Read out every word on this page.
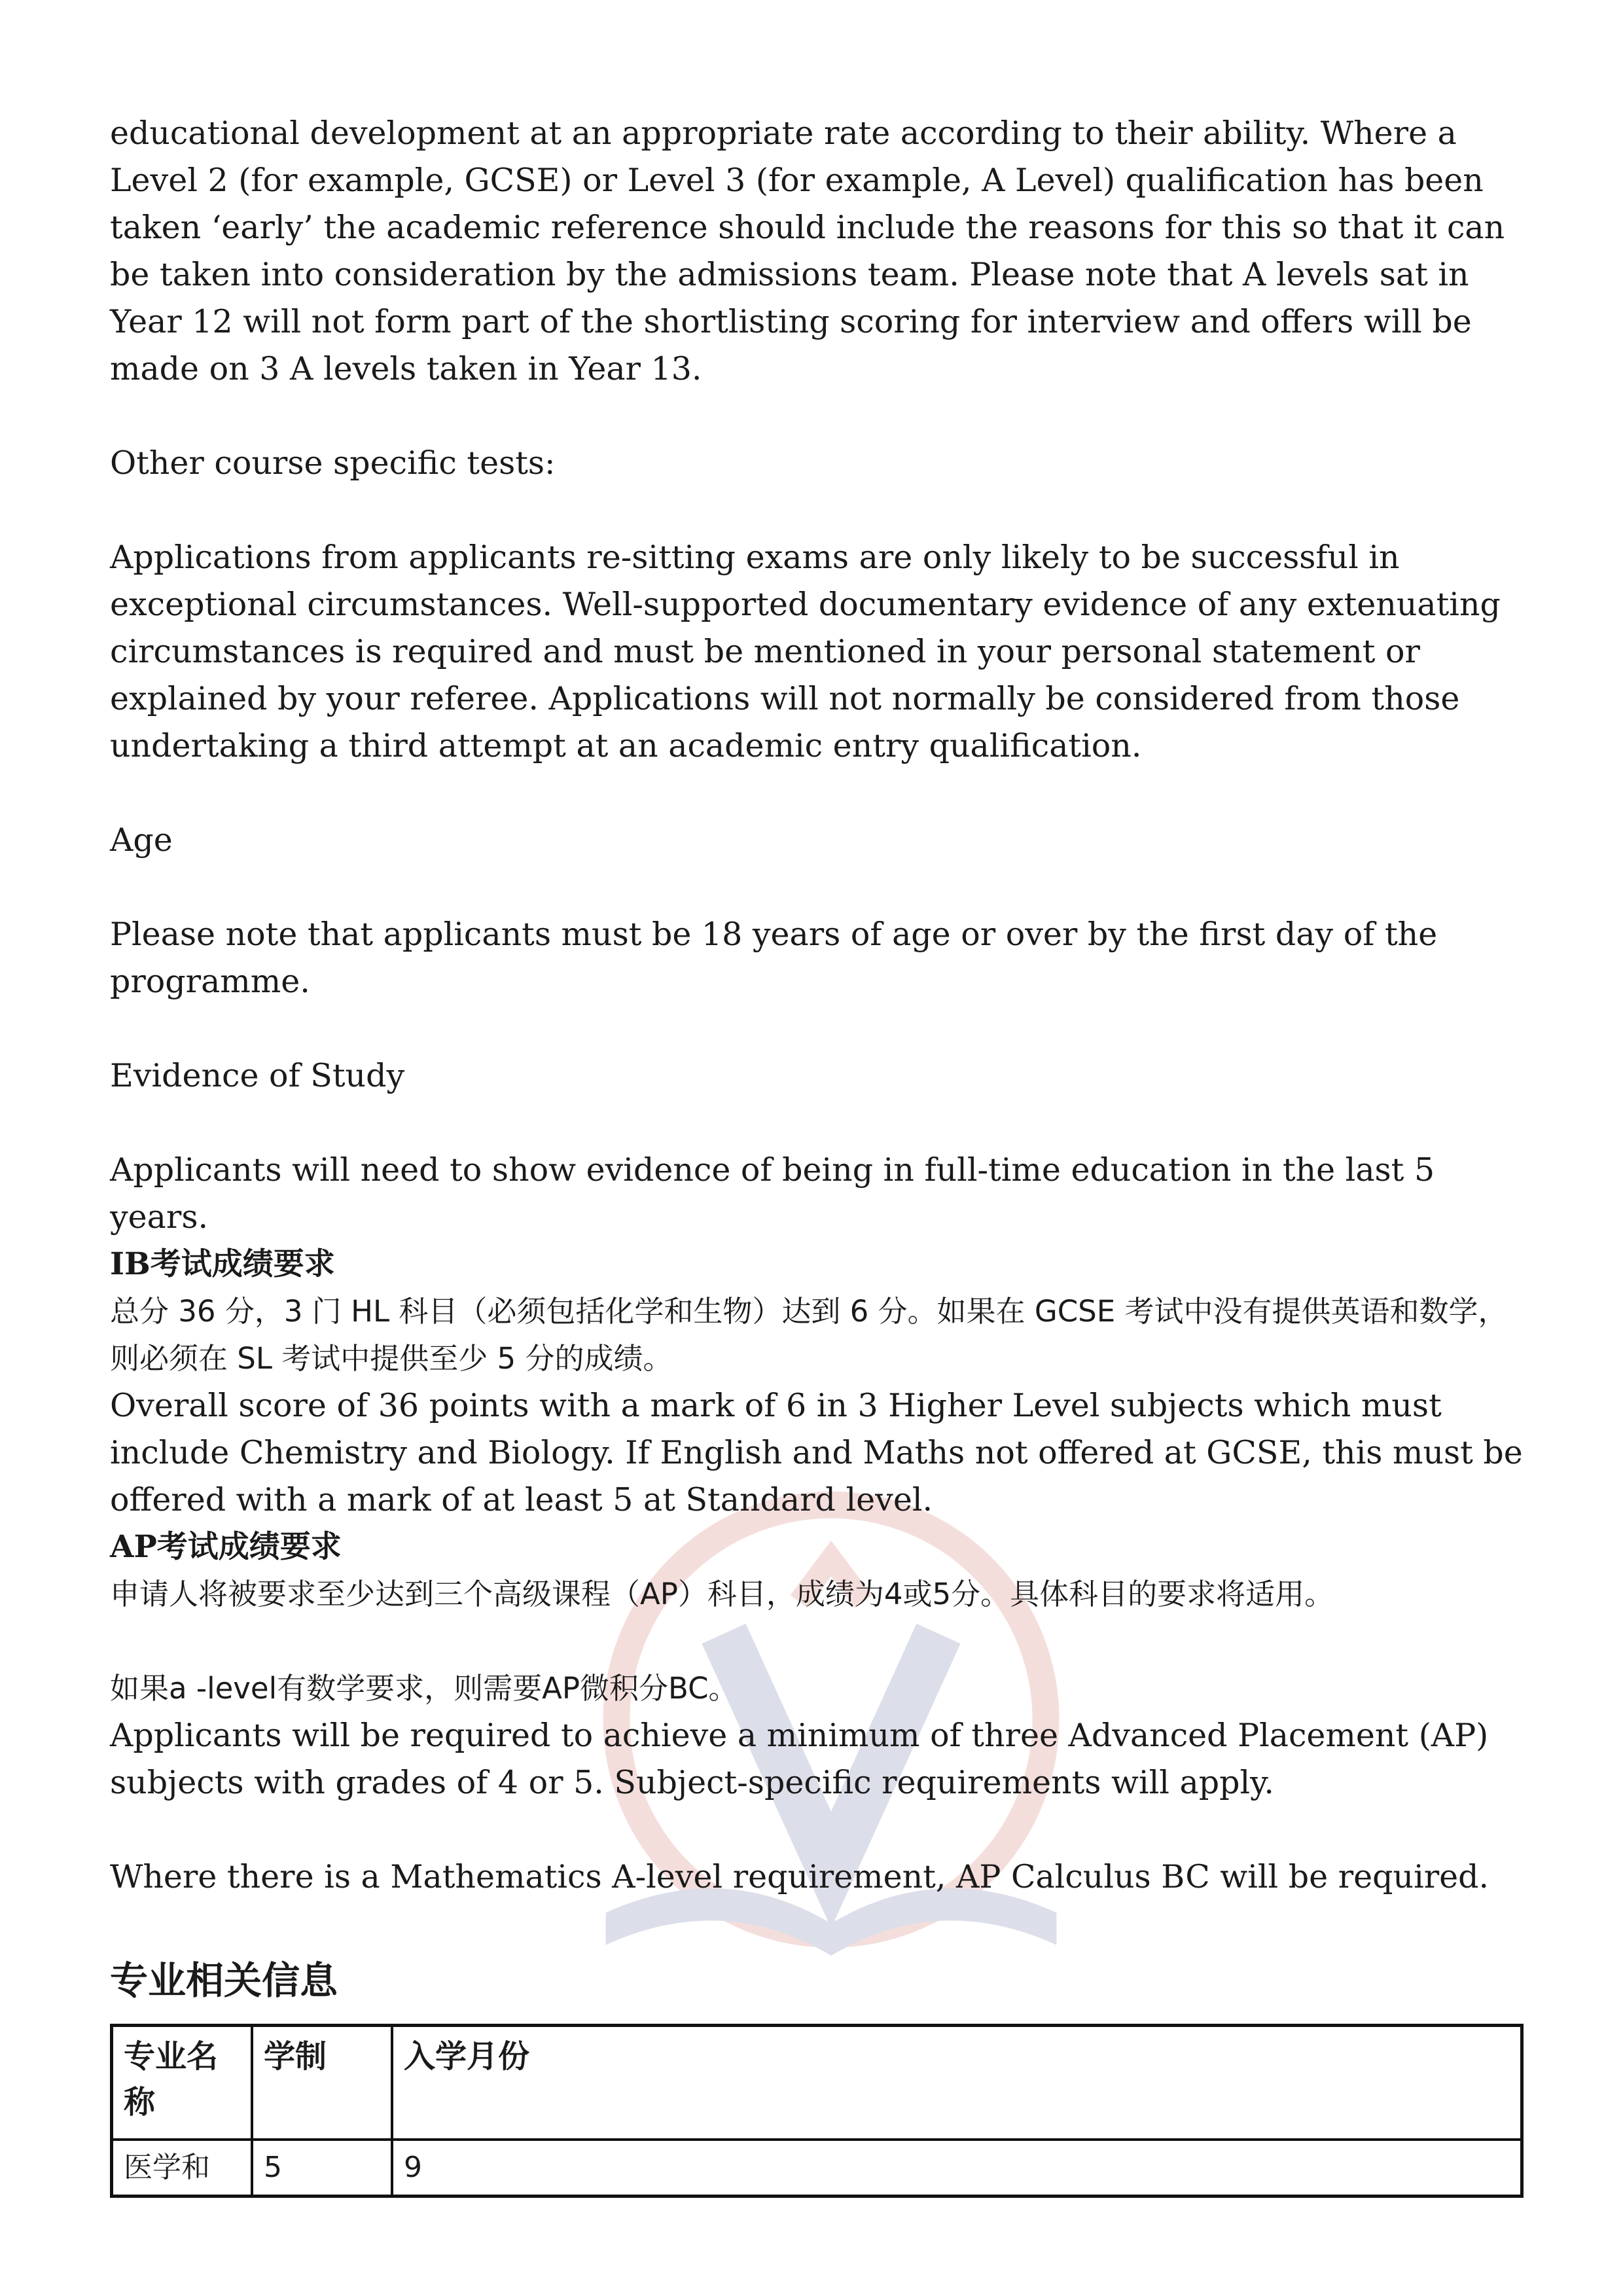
educational development at an appropriate rate according to their ability. Where a Level 2 (for example, GCSE) or Level 3 (for example, A Level) qualification has been taken ‘early’ the academic reference should include the reasons for this so that it can be taken into consideration by the admissions team. Please note that A levels sat in Year 12 will not form part of the shortlisting scoring for interview and offers will be made on 3 A levels taken in Year 13.

Other course specific tests:

Applications from applicants re-sitting exams are only likely to be successful in exceptional circumstances. Well-supported documentary evidence of any extenuating circumstances is required and must be mentioned in your personal statement or explained by your referee. Applications will not normally be considered from those undertaking a third attempt at an academic entry qualification.

Age

Please note that applicants must be 18 years of age or over by the first day of the programme.

Evidence of Study

Applicants will need to show evidence of being in full-time education in the last 5 years.

IB考试成绩要求

总分 36 分，3 门 HL 科目（必须包括化学和生物）达到 6 分。如果在 GCSE 考试中没有提供英语和数学，则必须在 SL 考试中提供至少 5 分的成绩。

Overall score of 36 points with a mark of 6 in 3 Higher Level subjects which must include Chemistry and Biology. If English and Maths not offered at GCSE, this must be offered with a mark of at least 5 at Standard level.

AP考试成绩要求

申请人将被要求至少达到三个高级课程（AP）科目，成绩为4或5分。具体科目的要求将适用。

如果a -level有数学要求，则需要AP微积分BC。

Applicants will be required to achieve a minimum of three Advanced Placement (AP) subjects with grades of 4 or 5. Subject-specific requirements will apply.

Where there is a Mathematics A-level requirement, AP Calculus BC will be required.

专业相关信息
专业名称	学制	入学月份
医学和	5	9
